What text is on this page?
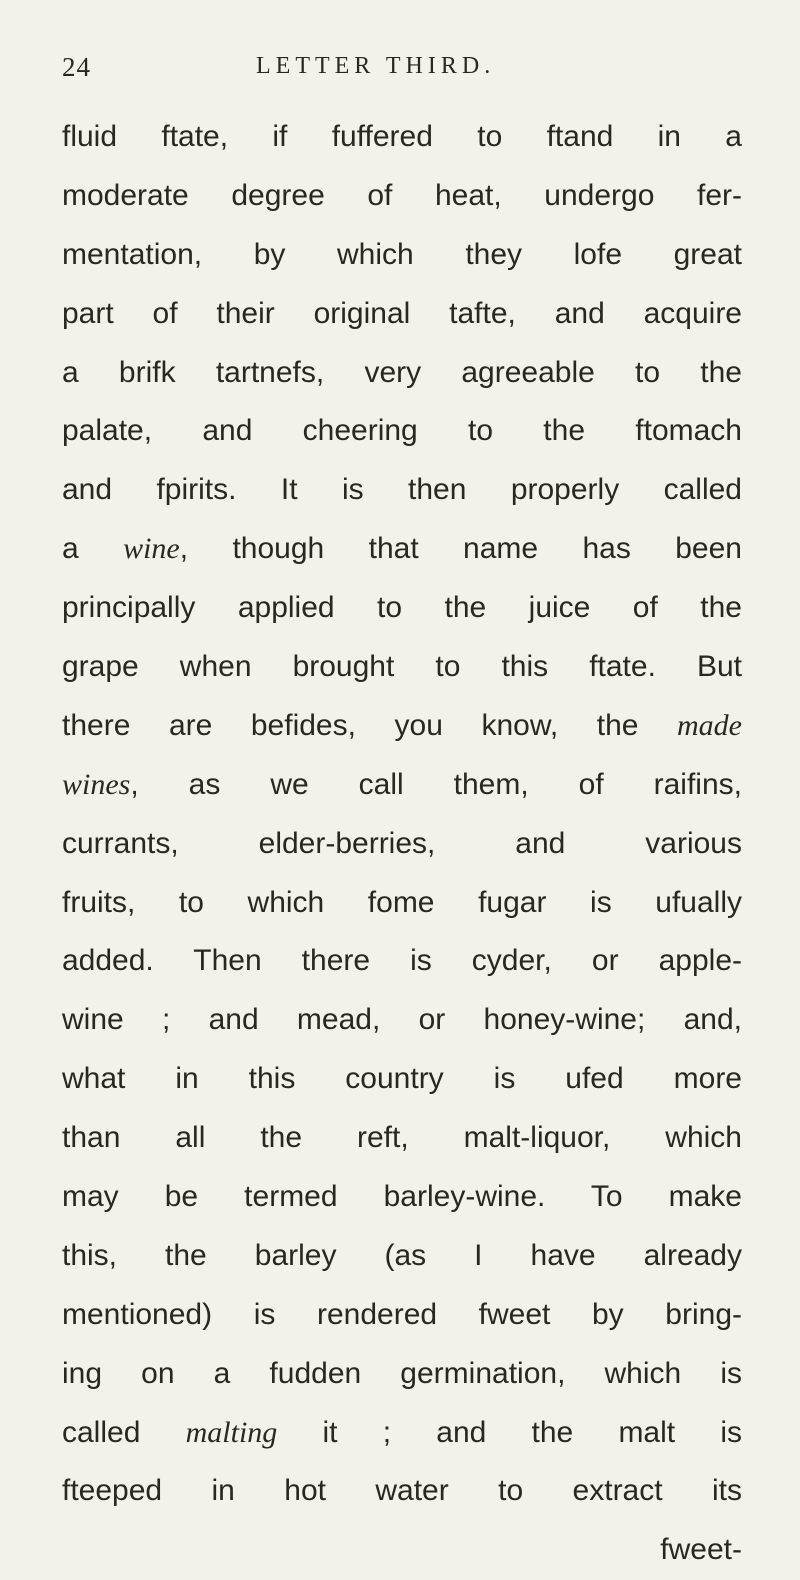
24	LETTER THIRD.
fluid ftate, if fuffered to ftand in a
moderate degree of heat, undergo fer-
mentation, by which they lofe great
part of their original tafte, and acquire
a brifk tartnefs, very agreeable to the
palate, and cheering to the ftomach
and fpirits. It is then properly called
a wine, though that name has been
principally applied to the juice of the
grape when brought to this ftate. But
there are befides, you know, the made
wines, as we call them, of raifins,
currants, elder-berries, and various
fruits, to which fome fugar is ufually
added. Then there is cyder, or apple-
wine ; and mead, or honey-wine; and,
what in this country is ufed more
than all the reft, malt-liquor, which
may be termed barley-wine. To make
this, the barley (as I have already
mentioned) is rendered fweet by bring-
ing on a fudden germination, which is
called malting it ; and the malt is
fteeped in hot water to extract its
fweet-
